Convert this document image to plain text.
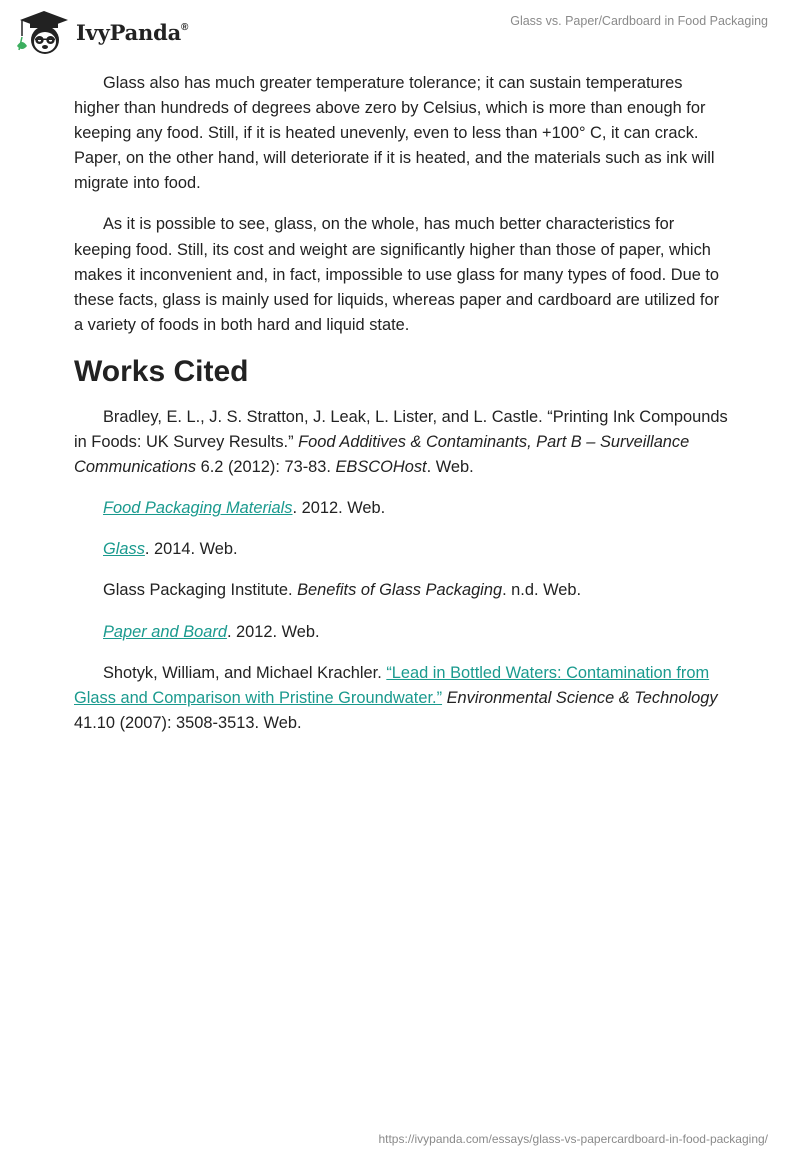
IvyPanda®	Glass vs. Paper/Cardboard in Food Packaging

Glass also has much greater temperature tolerance; it can sustain temperatures higher than hundreds of degrees above zero by Celsius, which is more than enough for keeping any food. Still, if it is heated unevenly, even to less than +100° C, it can crack. Paper, on the other hand, will deteriorate if it is heated, and the materials such as ink will migrate into food.

As it is possible to see, glass, on the whole, has much better characteristics for keeping food. Still, its cost and weight are significantly higher than those of paper, which makes it inconvenient and, in fact, impossible to use glass for many types of food. Due to these facts, glass is mainly used for liquids, whereas paper and cardboard are utilized for a variety of foods in both hard and liquid state.

Works Cited

Bradley, E. L., J. S. Stratton, J. Leak, L. Lister, and L. Castle. “Printing Ink Compounds in Foods: UK Survey Results.” Food Additives & Contaminants, Part B – Surveillance Communications 6.2 (2012): 73-83. EBSCOHost. Web.

Food Packaging Materials. 2012. Web.

Glass. 2014. Web.

Glass Packaging Institute. Benefits of Glass Packaging. n.d. Web.

Paper and Board. 2012. Web.

Shotyk, William, and Michael Krachler. “Lead in Bottled Waters: Contamination from Glass and Comparison with Pristine Groundwater.” Environmental Science & Technology 41.10 (2007): 3508-3513. Web.

https://ivypanda.com/essays/glass-vs-papercardboard-in-food-packaging/
